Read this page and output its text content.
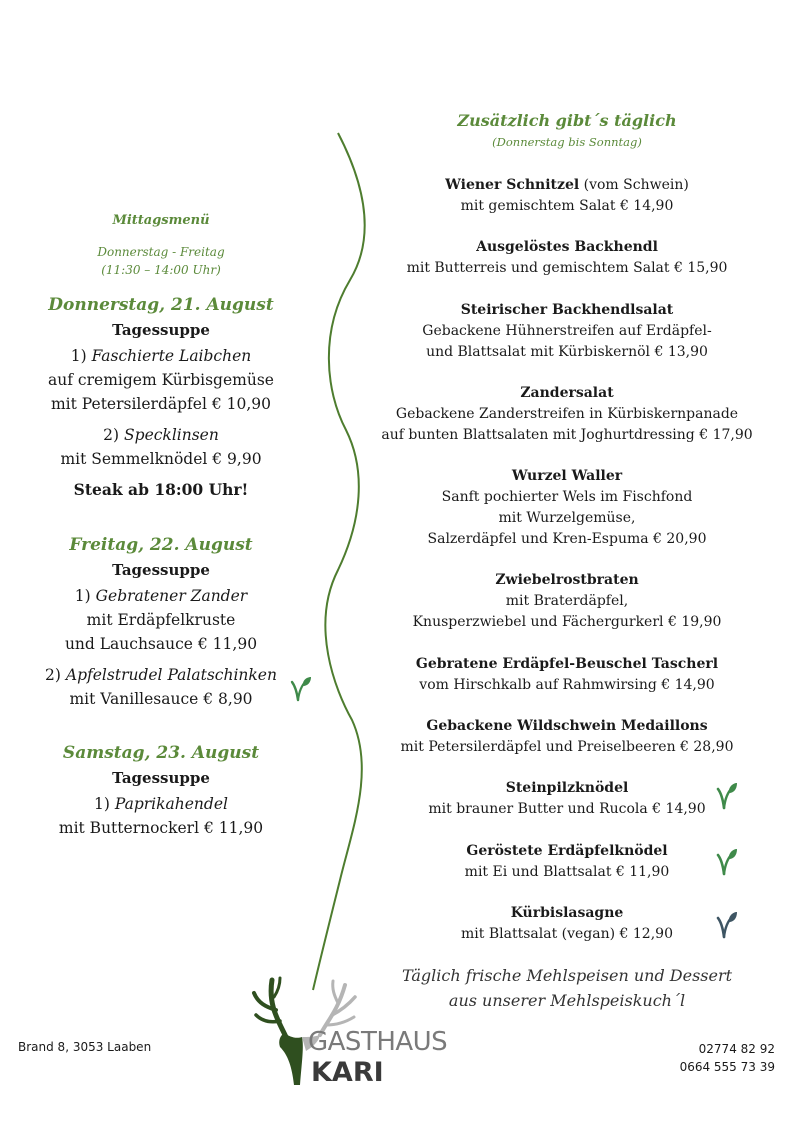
Mittagsmenü
Donnerstag - Freitag
(11:30 – 14:00 Uhr)
Donnerstag, 21. August
Tagessuppe
1) Faschierte Laibchen
auf cremigem Kürbisgemüse
mit Petersilerdäpfel € 10,90
2) Specklinsen
mit Semmelknödel € 9,90
Steak ab 18:00 Uhr!
Freitag, 22. August
Tagessuppe
1) Gebratener Zander
mit Erdäpfelkruste
und Lauchsauce € 11,90
2) Apfelstrudel Palatschinken
mit Vanillesauce € 8,90
Samstag, 23. August
Tagessuppe
1) Paprikahendel
mit Butternockerl € 11,90
Zusätzlich gibt´s täglich
(Donnerstag bis Sonntag)
Wiener Schnitzel (vom Schwein)
mit gemischtem Salat € 14,90
Ausgelöstes Backhendl
mit Butterreis und gemischtem Salat € 15,90
Steirischer Backhendlsalat
Gebackene Hühnerstreifen auf Erdäpfel-
und Blattsalat mit Kürbiskernöl € 13,90
Zandersalat
Gebackene Zanderstreifen in Kürbiskernpanade
auf bunten Blattsalaten mit Joghurtdressing € 17,90
Wurzel Waller
Sanft pochierter Wels im Fischfond
mit Wurzelgemüse,
Salzerdäpfel und Kren-Espuma € 20,90
Zwiebelrostbraten
mit Braterdäpfel,
Knusperzwiebel und Fächergurkerl € 19,90
Gebratene Erdäpfel-Beuschel Tascherl
vom Hirschkalb auf Rahmwirsing € 14,90
Gebackene Wildschwein Medaillons
mit Petersilerdäpfel und Preiselbeeren € 28,90
Steinpilzknödel
mit brauner Butter und Rucola € 14,90
Geröstete Erdäpfelknödel
mit Ei und Blattsalat € 11,90
Kürbislasagne
mit Blattsalat (vegan) € 12,90
Täglich frische Mehlspeisen und Dessert
aus unserer Mehlspeiskuch´l
GASTHAUS
KARI
Brand 8, 3053 Laaben	02774 82 92
0664 555 73 39
